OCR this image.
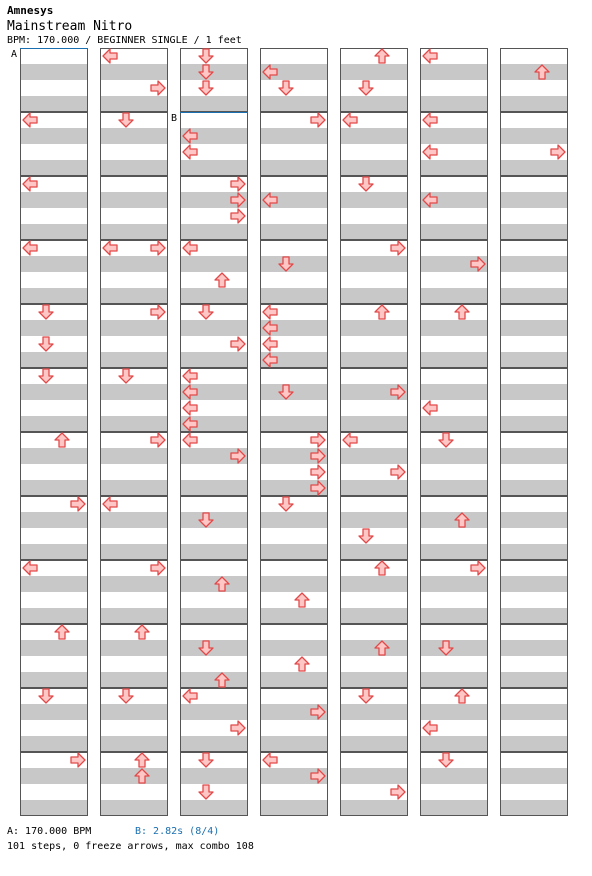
Amnesys
Mainstream Nitro
BPM: 170.000 / BEGINNER SINGLE / 1 feet
A
B
A: 170.000 BPM	B: 2.82s (8/4)
101 steps, 0 freeze arrows, max combo 108
